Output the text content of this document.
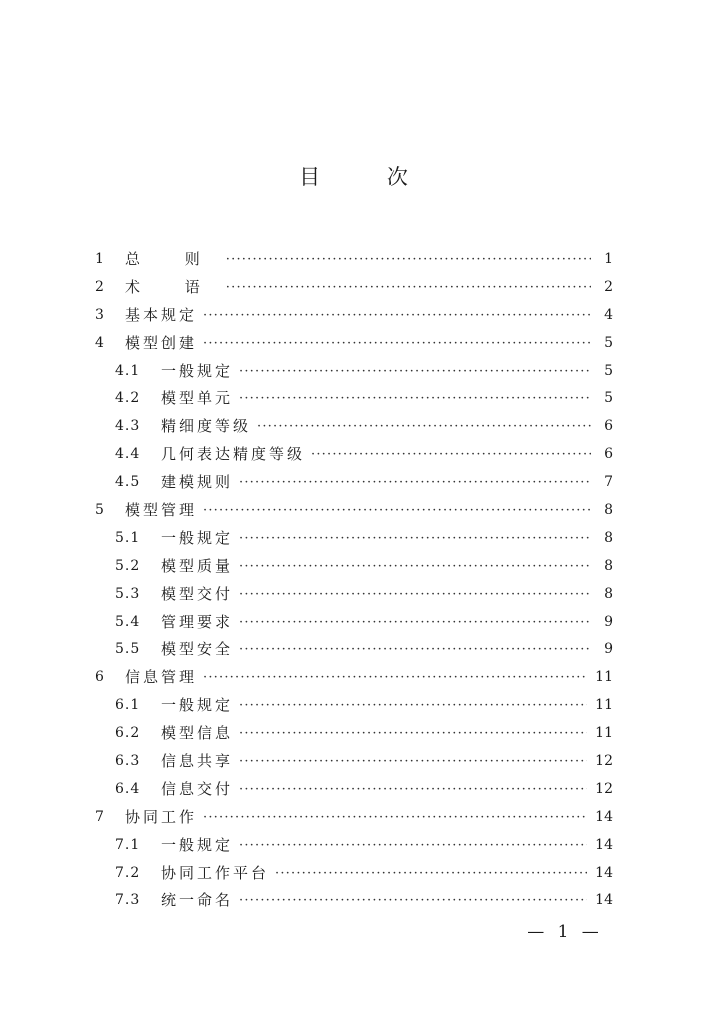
目 次
1	总 则 ·····	1
2	术 语 ·····	2
3	基本规定 ·····	4
4	模型创建 ·····	5
4.1	一般规定 ·····	5
4.2	模型单元 ·····	5
4.3	精细度等级 ·····	6
4.4	几何表达精度等级 ·····	6
4.5	建模规则 ·····	7
5	模型管理 ·····	8
5.1	一般规定 ·····	8
5.2	模型质量 ·····	8
5.3	模型交付 ·····	8
5.4	管理要求 ·····	9
5.5	模型安全 ·····	9
6	信息管理 ·····	11
6.1	一般规定 ·····	11
6.2	模型信息 ·····	11
6.3	信息共享 ·····	12
6.4	信息交付 ·····	12
7	协同工作 ·····	14
7.1	一般规定 ·····	14
7.2	协同工作平台 ·····	14
7.3	统一命名 ·····	14
— 1 —
